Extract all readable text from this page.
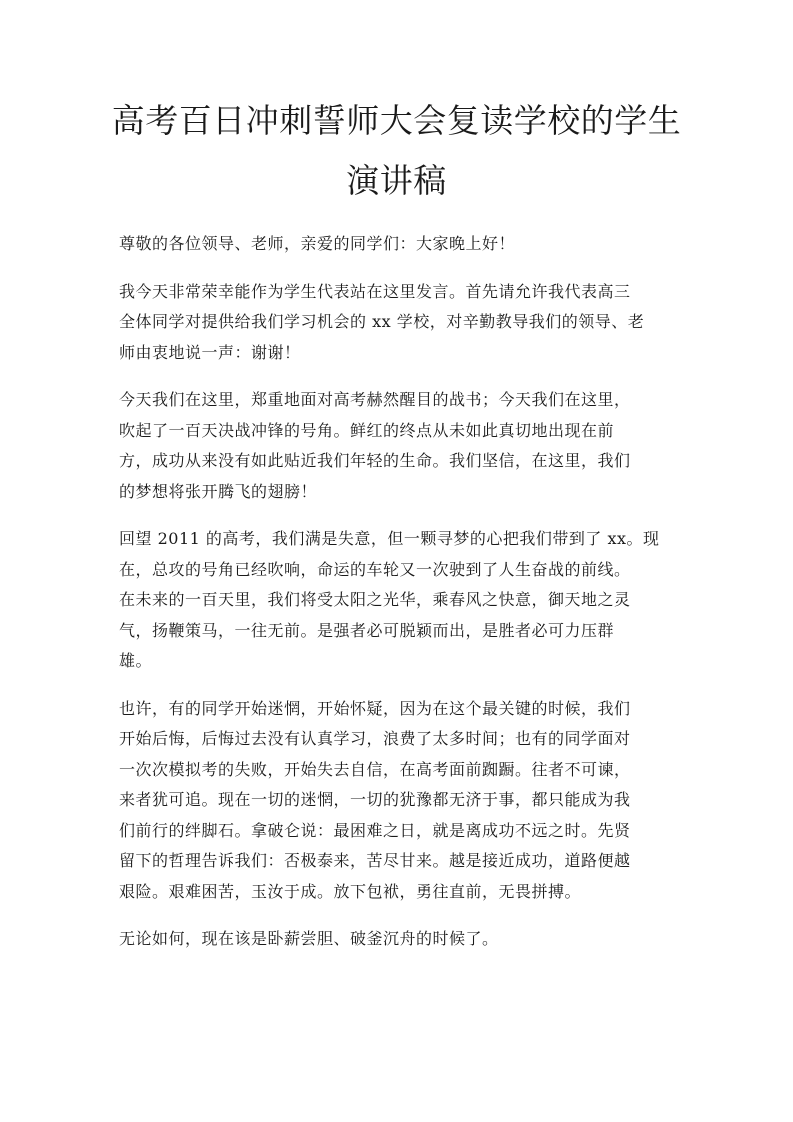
高考百日冲刺誓师大会复读学校的学生
演讲稿

尊敬的各位领导、老师，亲爱的同学们：大家晚上好！

我今天非常荣幸能作为学生代表站在这里发言。首先请允许我代表高三
全体同学对提供给我们学习机会的 xx 学校，对辛勤教导我们的领导、老
师由衷地说一声：谢谢！

今天我们在这里，郑重地面对高考赫然醒目的战书；今天我们在这里，
吹起了一百天决战冲锋的号角。鲜红的终点从未如此真切地出现在前
方，成功从来没有如此贴近我们年轻的生命。我们坚信，在这里，我们
的梦想将张开腾飞的翅膀！

回望 2011 的高考，我们满是失意，但一颗寻梦的心把我们带到了 xx。现
在，总攻的号角已经吹响，命运的车轮又一次驶到了人生奋战的前线。
在未来的一百天里，我们将受太阳之光华，乘春风之快意，御天地之灵
气，扬鞭策马，一往无前。是强者必可脱颖而出，是胜者必可力压群
雄。

也许，有的同学开始迷惘，开始怀疑，因为在这个最关键的时候，我们
开始后悔，后悔过去没有认真学习，浪费了太多时间；也有的同学面对
一次次模拟考的失败，开始失去自信，在高考面前踟蹰。往者不可谏，
来者犹可追。现在一切的迷惘，一切的犹豫都无济于事，都只能成为我
们前行的绊脚石。拿破仑说：最困难之日，就是离成功不远之时。先贤
留下的哲理告诉我们：否极泰来，苦尽甘来。越是接近成功，道路便越
艰险。艰难困苦，玉汝于成。放下包袱，勇往直前，无畏拼搏。

无论如何，现在该是卧薪尝胆、破釜沉舟的时候了。
